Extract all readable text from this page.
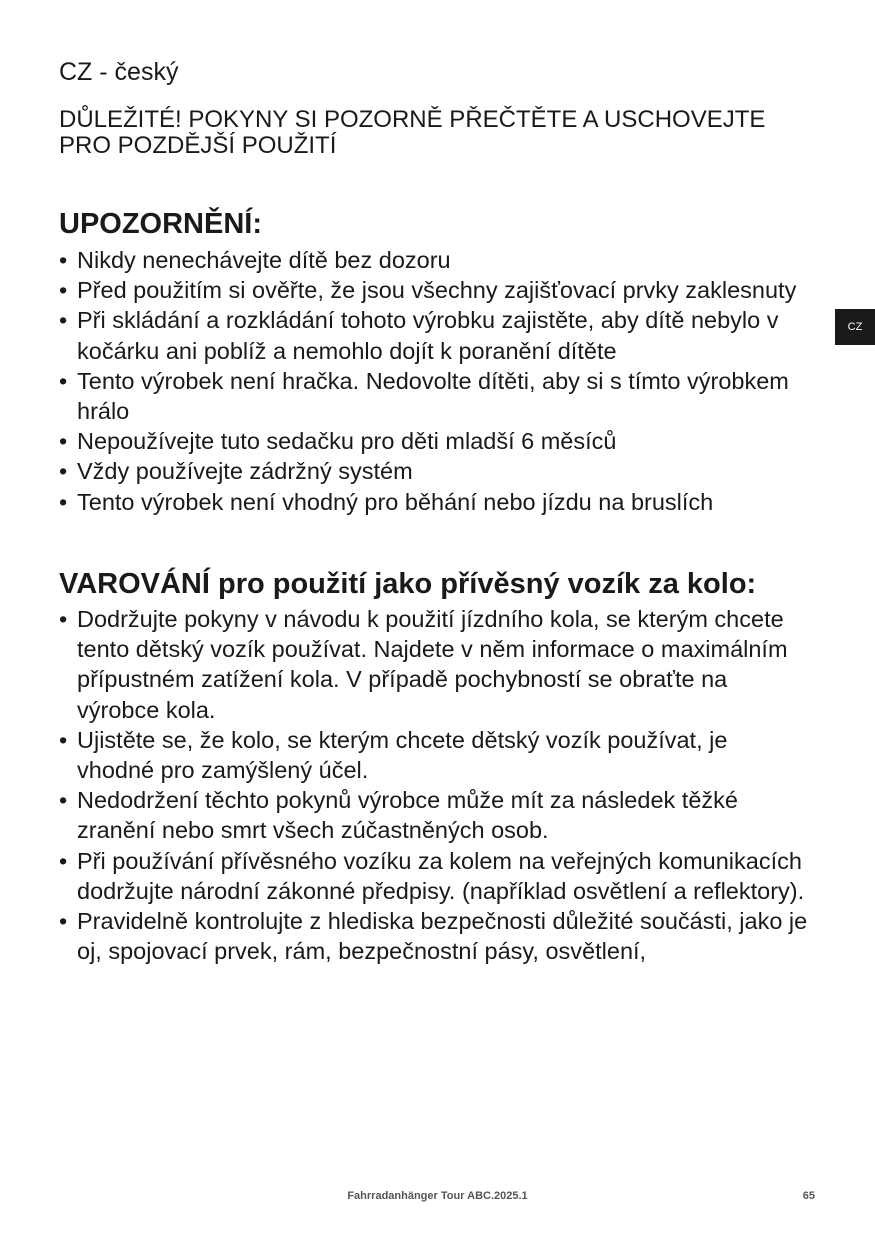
CZ - český
DŮLEŽITÉ! POKYNY SI POZORNĚ PŘEČTĚTE A USCHOVEJTE PRO POZDĚJŠÍ POUŽITÍ
CZ
UPOZORNĚNÍ:
• Nikdy nenechávejte dítě bez dozoru
• Před použitím si ověřte, že jsou všechny zajišťovací prvky zaklesnuty
• Při skládání a rozkládání tohoto výrobku zajistěte, aby dítě nebylo v kočárku ani poblíž a nemohlo dojít k poranění dítěte
• Tento výrobek není hračka. Nedovolte dítěti, aby si s tímto výrobkem hrálo
• Nepoužívejte tuto sedačku pro děti mladší 6 měsíců
• Vždy používejte zádržný systém
• Tento výrobek není vhodný pro běhání nebo jízdu na bruslích
VAROVÁNÍ pro použití jako přívěsný vozík za kolo:
• Dodržujte pokyny v návodu k použití jízdního kola, se kterým chcete tento dětský vozík používat. Najdete v něm informace o maximálním přípustném zatížení kola. V případě pochybností se obraťte na výrobce kola.
• Ujistěte se, že kolo, se kterým chcete dětský vozík používat, je vhodné pro zamýšlený účel.
• Nedodržení těchto pokynů výrobce může mít za následek těžké zranění nebo smrt všech zúčastněných osob.
• Při používání přívěsného vozíku za kolem na veřejných komunikacích dodržujte národní zákonné předpisy. (například osvětlení a reflektory).
• Pravidelně kontrolujte z hlediska bezpečnosti důležité součásti, jako je oj, spojovací prvek, rám, bezpečnostní pásy, osvětlení,
Fahrradanhänger Tour ABC.2025.1	65
